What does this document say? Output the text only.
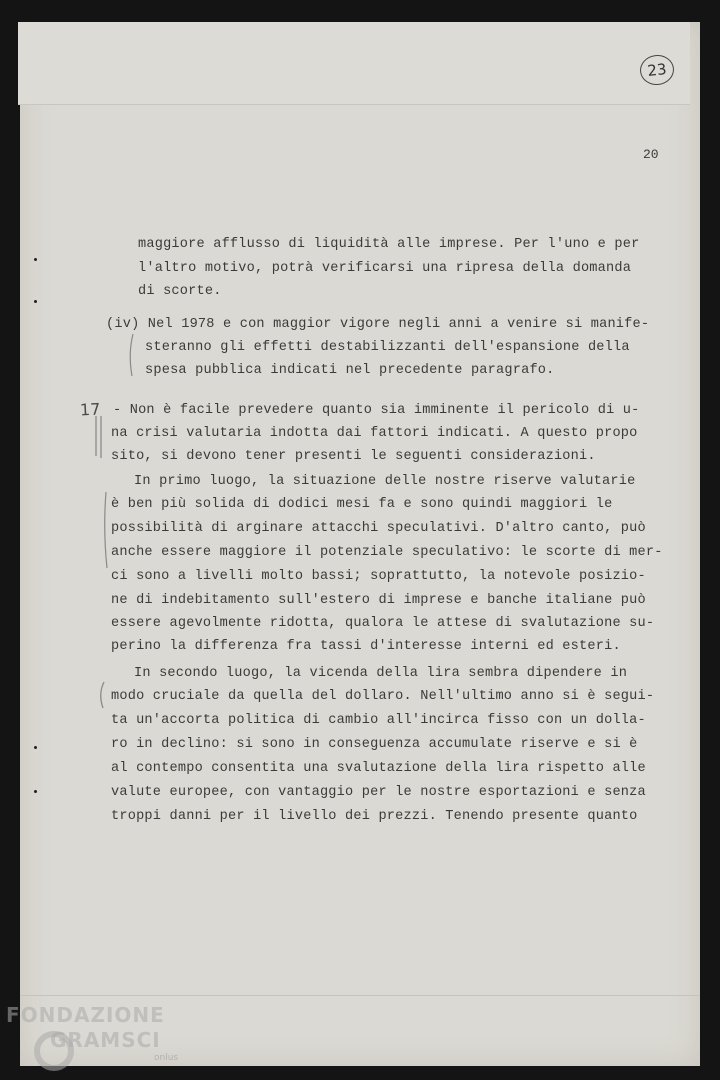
23
20
17
maggiore afflusso di liquidità alle imprese. Per l'uno e per
l'altro motivo, potrà verificarsi una ripresa della domanda
di scorte.
(iv) Nel 1978 e con maggior vigore negli anni a venire si manife-
steranno gli effetti destabilizzanti dell'espansione della
spesa pubblica indicati nel precedente paragrafo.
- Non è facile prevedere quanto sia imminente il pericolo di u-
na crisi valutaria indotta dai fattori indicati. A questo propo
sito, si devono tener presenti le seguenti considerazioni.
In primo luogo, la situazione delle nostre riserve valutarie
è ben più solida di dodici mesi fa e sono quindi maggiori le
possibilità di arginare attacchi speculativi. D'altro canto, può
anche essere maggiore il potenziale speculativo: le scorte di mer-
ci sono a livelli molto bassi; soprattutto, la notevole posizio-
ne di indebitamento sull'estero di imprese e banche italiane può
essere agevolmente ridotta, qualora le attese di svalutazione su-
perino la differenza fra tassi d'interesse interni ed esteri.
In secondo luogo, la vicenda della lira sembra dipendere in
modo cruciale da quella del dollaro. Nell'ultimo anno si è segui-
ta un'accorta politica di cambio all'incirca fisso con un dolla-
ro in declino: si sono in conseguenza accumulate riserve e si è
al contempo consentita una svalutazione della lira rispetto alle
valute europee, con vantaggio per le nostre esportazioni e senza
troppi danni per il livello dei prezzi. Tenendo presente quanto
FONDAZIONE
GRAMSCI
onlus
